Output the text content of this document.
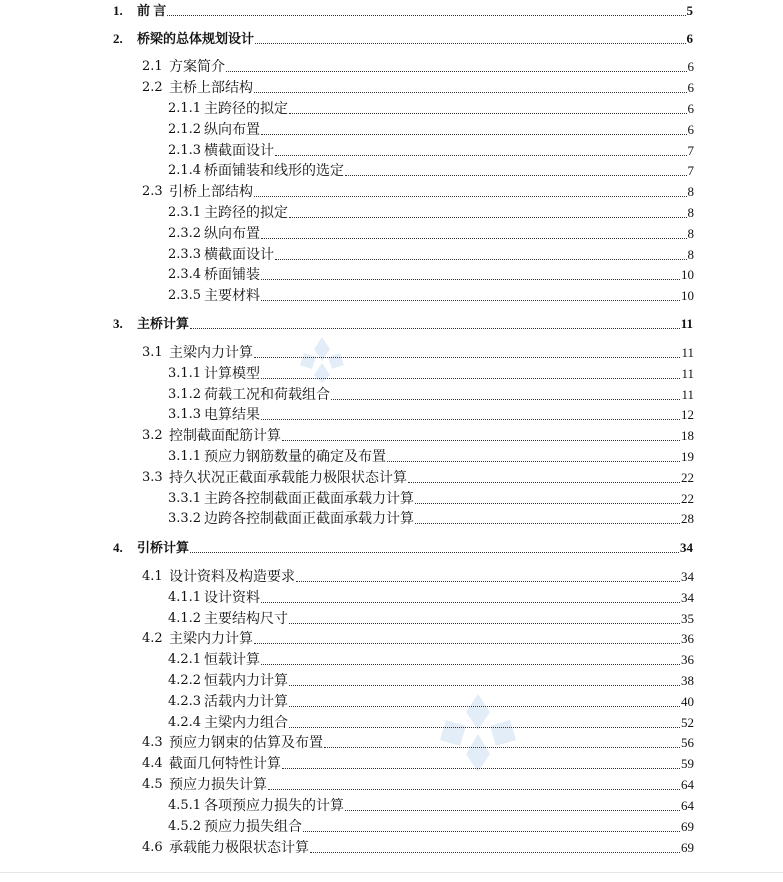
1.	前 言	5
2.	桥梁的总体规划设计	6
2.1 方案简介	6
2.2 主桥上部结构	6
2.1.1 主跨径的拟定	6
2.1.2 纵向布置	6
2.1.3 横截面设计	7
2.1.4 桥面铺装和线形的选定	7
2.3 引桥上部结构	8
2.3.1 主跨径的拟定	8
2.3.2 纵向布置	8
2.3.3 横截面设计	8
2.3.4 桥面铺装	10
2.3.5 主要材料	10
3.	主桥计算	11
3.1 主梁内力计算	11
3.1.1 计算模型	11
3.1.2 荷载工况和荷载组合	11
3.1.3 电算结果	12
3.2 控制截面配筋计算	18
3.1.1 预应力钢筋数量的确定及布置	19
3.3 持久状况正截面承载能力极限状态计算	22
3.3.1 主跨各控制截面正截面承载力计算	22
3.3.2 边跨各控制截面正截面承载力计算	28
4.	引桥计算	34
4.1 设计资料及构造要求	34
4.1.1 设计资料	34
4.1.2 主要结构尺寸	35
4.2 主梁内力计算	36
4.2.1 恒载计算	36
4.2.2 恒载内力计算	38
4.2.3 活载内力计算	40
4.2.4 主梁内力组合	52
4.3 预应力钢束的估算及布置	56
4.4 截面几何特性计算	59
4.5 预应力损失计算	64
4.5.1 各项预应力损失的计算	64
4.5.2 预应力损失组合	69
4.6 承载能力极限状态计算	69
